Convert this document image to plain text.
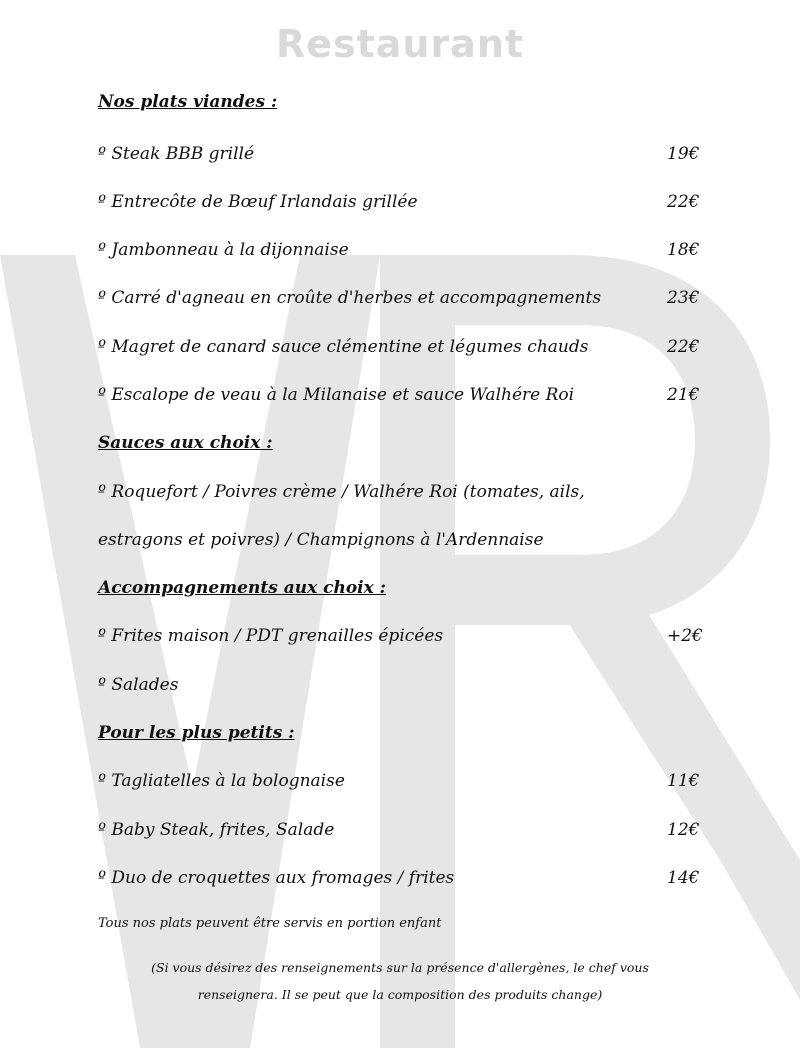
Restaurant
Nos plats viandes :
º Steak BBB grillé	19€
º Entrecôte de Bœuf Irlandais grillée	22€
º Jambonneau à la dijonnaise	18€
º Carré d'agneau en croûte d'herbes et accompagnements	23€
º Magret de canard sauce clémentine et légumes chauds	22€
º Escalope de veau à la Milanaise et sauce Walhére Roi	21€
Sauces aux choix :
º Roquefort / Poivres crème / Walhére Roi (tomates, ails,
estragons et poivres) / Champignons à l'Ardennaise
Accompagnements aux choix :
º Frites maison / PDT grenailles épicées	+2€
º Salades
Pour les plus petits :
º Tagliatelles à la bolognaise	11€
º Baby Steak, frites, Salade	12€
º Duo de croquettes aux fromages / frites	14€
Tous nos plats peuvent être servis en portion enfant
(Si vous désirez des renseignements sur la présence d'allergènes, le chef vous
renseignera. Il se peut que la composition des produits change)
